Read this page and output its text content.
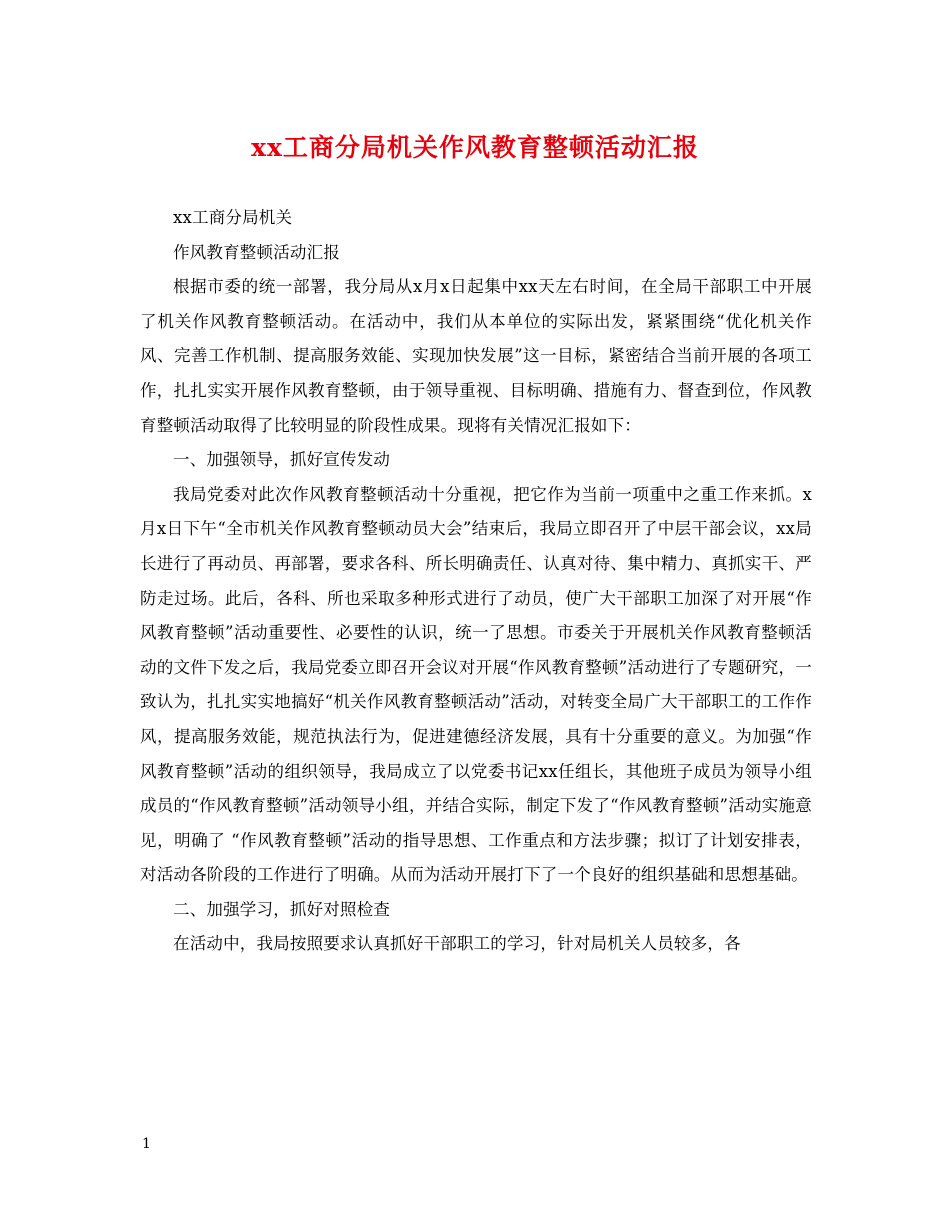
xx工商分局机关作风教育整顿活动汇报

xx工商分局机关

作风教育整顿活动汇报

根据市委的统一部署，我分局从x月x日起集中xx天左右时间，在全局干部职工中开展了机关作风教育整顿活动。在活动中，我们从本单位的实际出发，紧紧围绕“优化机关作风、完善工作机制、提高服务效能、实现加快发展”这一目标，紧密结合当前开展的各项工作，扎扎实实开展作风教育整顿，由于领导重视、目标明确、措施有力、督查到位，作风教育整顿活动取得了比较明显的阶段性成果。现将有关情况汇报如下：

一、加强领导，抓好宣传发动

我局党委对此次作风教育整顿活动十分重视，把它作为当前一项重中之重工作来抓。x月x日下午“全市机关作风教育整顿动员大会”结束后，我局立即召开了中层干部会议，xx局长进行了再动员、再部署，要求各科、所长明确责任、认真对待、集中精力、真抓实干、严防走过场。此后，各科、所也采取多种形式进行了动员，使广大干部职工加深了对开展“作风教育整顿”活动重要性、必要性的认识，统一了思想。市委关于开展机关作风教育整顿活动的文件下发之后，我局党委立即召开会议对开展“作风教育整顿”活动进行了专题研究，一致认为，扎扎实实地搞好“机关作风教育整顿活动”活动，对转变全局广大干部职工的工作作风，提高服务效能，规范执法行为，促进建德经济发展，具有十分重要的意义。为加强“作风教育整顿”活动的组织领导，我局成立了以党委书记xx任组长，其他班子成员为领导小组成员的“作风教育整顿”活动领导小组，并结合实际，制定下发了“作风教育整顿”活动实施意见，明确了 “作风教育整顿”活动的指导思想、工作重点和方法步骤；拟订了计划安排表，对活动各阶段的工作进行了明确。从而为活动开展打下了一个良好的组织基础和思想基础。

二、加强学习，抓好对照检查

在活动中，我局按照要求认真抓好干部职工的学习，针对局机关人员较多，各

1
